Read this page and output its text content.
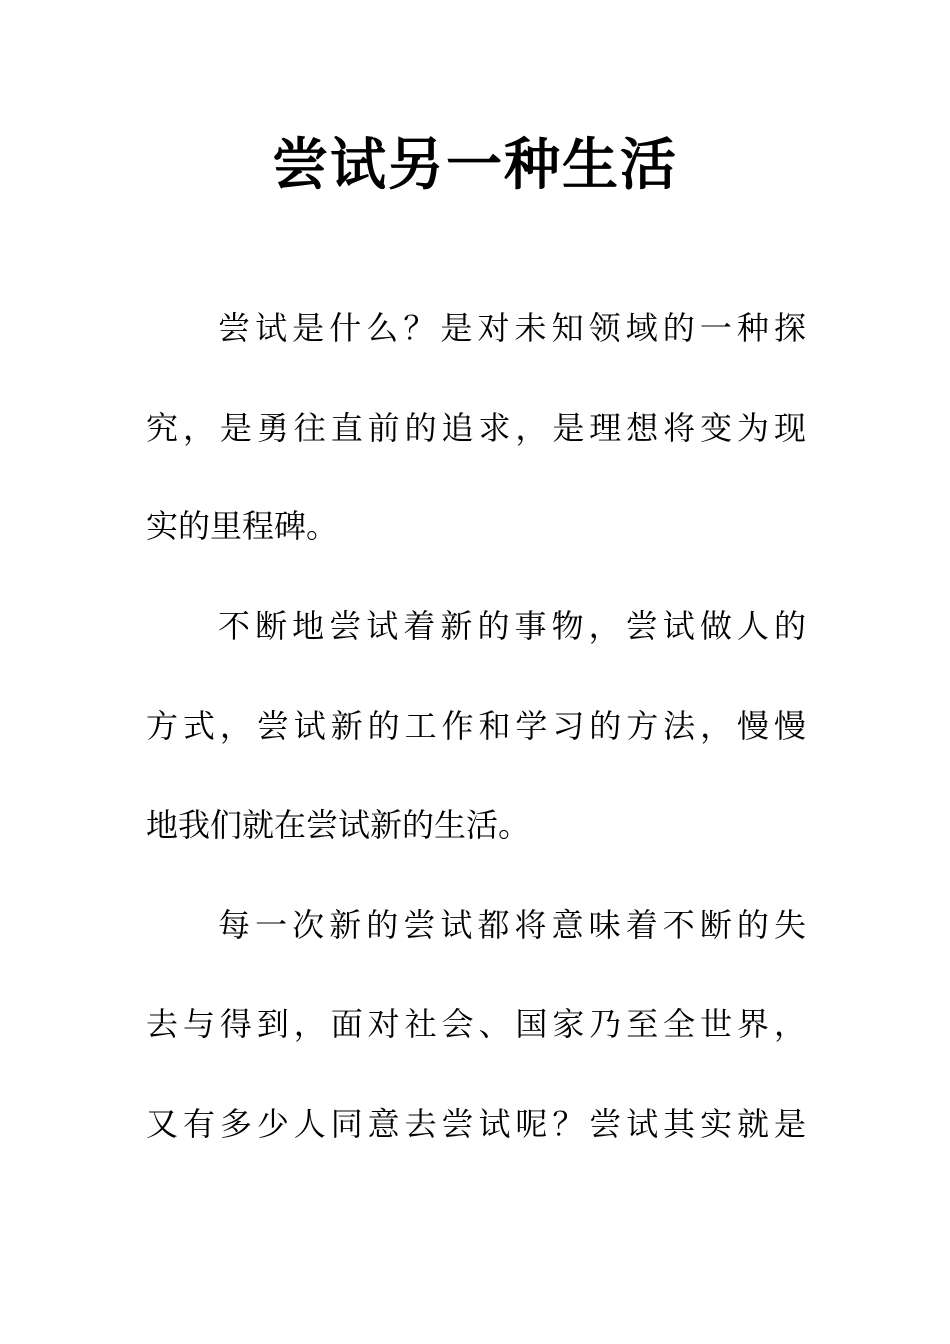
尝试另一种生活
尝试是什么？是对未知领域的一种探
究，是勇往直前的追求，是理想将变为现
实的里程碑。
不断地尝试着新的事物，尝试做人的
方式，尝试新的工作和学习的方法，慢慢
地我们就在尝试新的生活。
每一次新的尝试都将意味着不断的失
去与得到，面对社会、国家乃至全世界，
又有多少人同意去尝试呢？尝试其实就是
